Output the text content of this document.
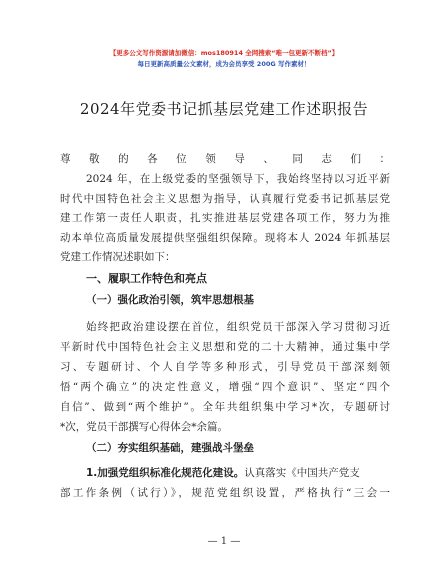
【更多公文写作资源请加微信：mos180914 全网搜索“唯一包更新不断档”】
每日更新高质量公文素材，成为会员享受 200G 写作素材！
2024年党委书记抓基层党建工作述职报告
尊敬的各位领导、同志们：
2024 年，在上级党委的坚强领导下，我始终坚持以习近平新
时代中国特色社会主义思想为指导，认真履行党委书记抓基层党
建工作第一责任人职责，扎实推进基层党建各项工作，努力为推
动本单位高质量发展提供坚强组织保障。现将本人 2024 年抓基层
党建工作情况述职如下：
一、履职工作特色和亮点
（一）强化政治引领，筑牢思想根基
始终把政治建设摆在首位，组织党员干部深入学习贯彻习近
平新时代中国特色社会主义思想和党的二十大精神，通过集中学
习、专题研讨、个人自学等多种形式，引导党员干部深刻领
悟“两个确立”的决定性意义，增强“四个意识”、坚定“四个
自信”、做到“两个维护”。全年共组织集中学习*次，专题研讨
*次，党员干部撰写心得体会*余篇。
（二）夯实组织基础，建强战斗堡垒
1.加强党组织标准化规范化建设。认真落实《中国共产党支
部工作条例（试行）》，规范党组织设置，严格执行“三会一
— 1 —
